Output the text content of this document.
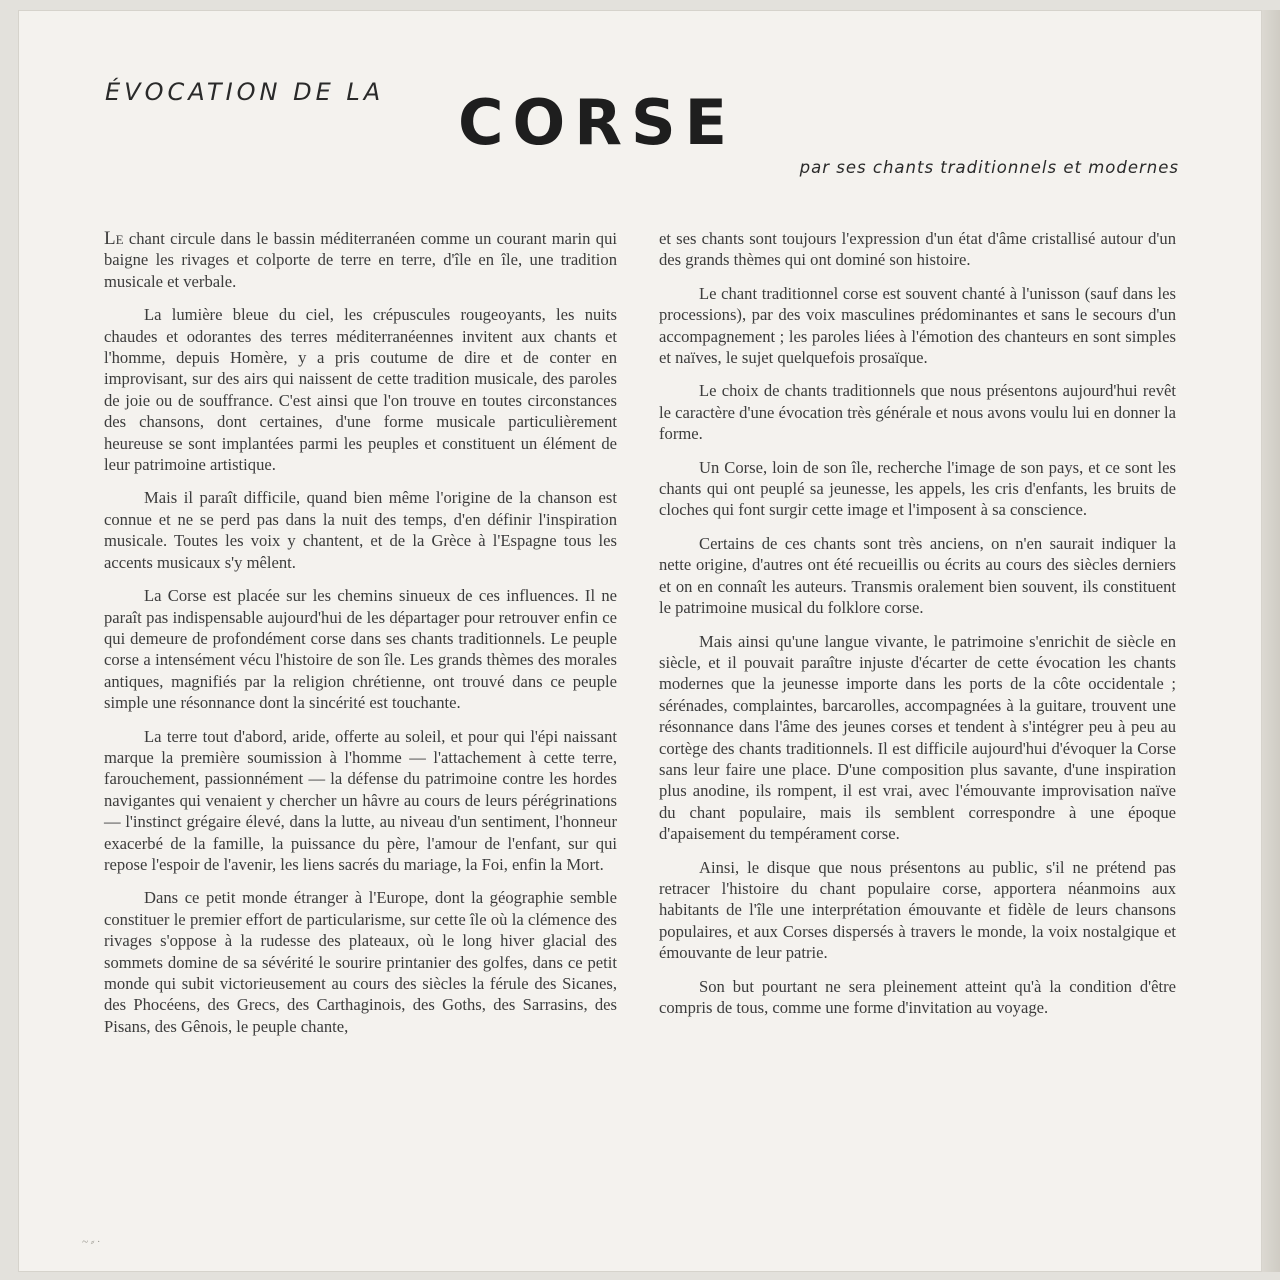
ÉVOCATION DE LA CORSE
par ses chants traditionnels et modernes

Le chant circule dans le bassin méditerranéen comme un courant marin qui baigne les rivages et colporte de terre en terre, d'île en île, une tradition musicale et verbale.

La lumière bleue du ciel, les crépuscules rougeoyants, les nuits chaudes et odorantes des terres méditerranéennes invitent aux chants et l'homme, depuis Homère, y a pris coutume de dire et de conter en improvisant, sur des airs qui naissent de cette tradition musicale, des paroles de joie ou de souffrance. C'est ainsi que l'on trouve en toutes circonstances des chansons, dont certaines, d'une forme musicale particulièrement heureuse se sont implantées parmi les peuples et constituent un élément de leur patrimoine artistique.

Mais il paraît difficile, quand bien même l'origine de la chanson est connue et ne se perd pas dans la nuit des temps, d'en définir l'inspiration musicale. Toutes les voix y chantent, et de la Grèce à l'Espagne tous les accents musicaux s'y mêlent.

La Corse est placée sur les chemins sinueux de ces influences. Il ne paraît pas indispensable aujourd'hui de les départager pour retrouver enfin ce qui demeure de profondément corse dans ses chants traditionnels. Le peuple corse a intensément vécu l'histoire de son île. Les grands thèmes des morales antiques, magnifiés par la religion chrétienne, ont trouvé dans ce peuple simple une résonnance dont la sincérité est touchante.

La terre tout d'abord, aride, offerte au soleil, et pour qui l'épi naissant marque la première soumission à l'homme — l'attachement à cette terre, farouchement, passionnément — la défense du patrimoine contre les hordes navigantes qui venaient y chercher un hâvre au cours de leurs pérégrinations — l'instinct grégaire élevé, dans la lutte, au niveau d'un sentiment, l'honneur exacerbé de la famille, la puissance du père, l'amour de l'enfant, sur qui repose l'espoir de l'avenir, les liens sacrés du mariage, la Foi, enfin la Mort.

Dans ce petit monde étranger à l'Europe, dont la géographie semble constituer le premier effort de particularisme, sur cette île où la clémence des rivages s'oppose à la rudesse des plateaux, où le long hiver glacial des sommets domine de sa sévérité le sourire printanier des golfes, dans ce petit monde qui subit victorieusement au cours des siècles la férule des Sicanes, des Phocéens, des Grecs, des Carthaginois, des Goths, des Sarrasins, des Pisans, des Gênois, le peuple chante,

et ses chants sont toujours l'expression d'un état d'âme cristallisé autour d'un des grands thèmes qui ont dominé son histoire.

Le chant traditionnel corse est souvent chanté à l'unisson (sauf dans les processions), par des voix masculines prédominantes et sans le secours d'un accompagnement ; les paroles liées à l'émotion des chanteurs en sont simples et naïves, le sujet quelquefois prosaïque.

Le choix de chants traditionnels que nous présentons aujourd'hui revêt le caractère d'une évocation très générale et nous avons voulu lui en donner la forme.

Un Corse, loin de son île, recherche l'image de son pays, et ce sont les chants qui ont peuplé sa jeunesse, les appels, les cris d'enfants, les bruits de cloches qui font surgir cette image et l'imposent à sa conscience.

Certains de ces chants sont très anciens, on n'en saurait indiquer la nette origine, d'autres ont été recueillis ou écrits au cours des siècles derniers et on en connaît les auteurs. Transmis oralement bien souvent, ils constituent le patrimoine musical du folklore corse.

Mais ainsi qu'une langue vivante, le patrimoine s'enrichit de siècle en siècle, et il pouvait paraître injuste d'écarter de cette évocation les chants modernes que la jeunesse importe dans les ports de la côte occidentale ; sérénades, complaintes, barcarolles, accompagnées à la guitare, trouvent une résonnance dans l'âme des jeunes corses et tendent à s'intégrer peu à peu au cortège des chants traditionnels. Il est difficile aujourd'hui d'évoquer la Corse sans leur faire une place. D'une composition plus savante, d'une inspiration plus anodine, ils rompent, il est vrai, avec l'émouvante improvisation naïve du chant populaire, mais ils semblent correspondre à une époque d'apaisement du tempérament corse.

Ainsi, le disque que nous présentons au public, s'il ne prétend pas retracer l'histoire du chant populaire corse, apportera néanmoins aux habitants de l'île une interprétation émouvante et fidèle de leurs chansons populaires, et aux Corses dispersés à travers le monde, la voix nostalgique et émouvante de leur patrie.

Son but pourtant ne sera pleinement atteint qu'à la condition d'être compris de tous, comme une forme d'invitation au voyage.

~ ⸗ ·
